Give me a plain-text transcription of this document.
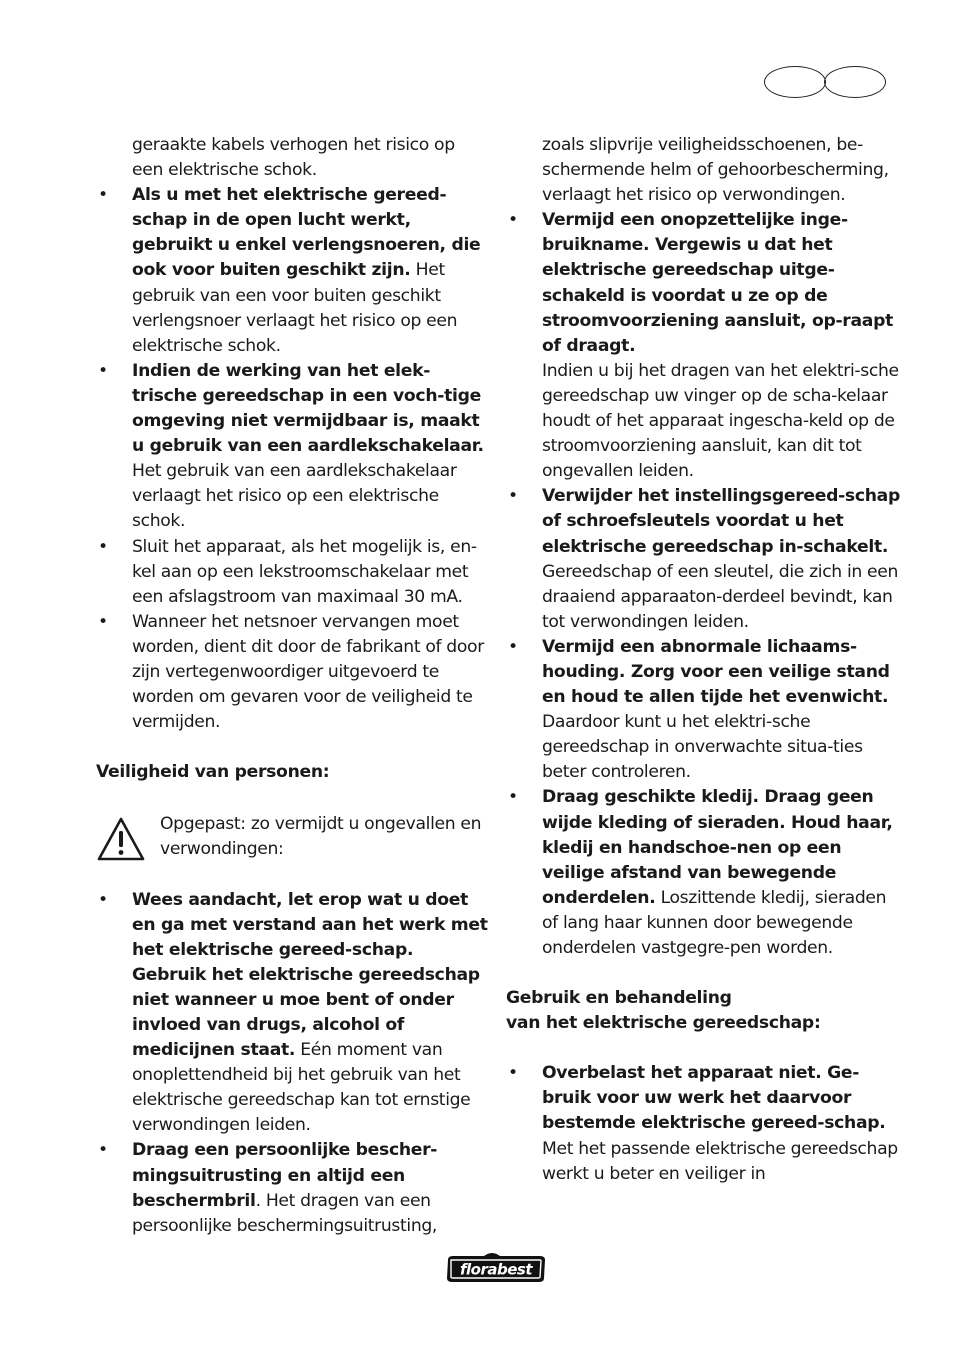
geraakte kabels verhogen het risico op een elektrische schok.
• Als u met het elektrische gereed-schap in de open lucht werkt, gebruikt u enkel verlengsnoeren, die ook voor buiten geschikt zijn. Het gebruik van een voor buiten geschikt verlengsnoer verlaagt het risico op een elektrische schok.
• Indien de werking van het elek-trische gereedschap in een voch-tige omgeving niet vermijdbaar is, maakt u gebruik van een aardlekschakelaar. Het gebruik van een aardlekschakelaar verlaagt het risico op een elektrische schok.
• Sluit het apparaat, als het mogelijk is, en-kel aan op een lekstroomschakelaar met een afslagstroom van maximaal 30 mA.
• Wanneer het netsnoer vervangen moet worden, dient dit door de fabrikant of door zijn vertegenwoordiger uitgevoerd te worden om gevaren voor de veiligheid te vermijden.
Veiligheid van personen:
Opgepast: zo vermijdt u ongevallen en verwondingen:
• Wees aandacht, let erop wat u doet en ga met verstand aan het werk met het elektrische gereed-schap. Gebruik het elektrische gereedschap niet wanneer u moe bent of onder invloed van drugs, alcohol of medicijnen staat. Eén moment van onoplettendheid bij het gebruik van het elektrische gereedschap kan tot ernstige verwondingen leiden.
• Draag een persoonlijke bescher-mingsuitrusting en altijd een beschermbril. Het dragen van een persoonlijke beschermingsuitrusting,
zoals slipvrije veiligheidsschoenen, be-schermende helm of gehoorbescherming, verlaagt het risico op verwondingen.
• Vermijd een onopzettelijke inge-bruikname. Vergewis u dat het elektrische gereedschap uitge-schakeld is voordat u ze op de stroomvoorziening aansluit, op-raapt of draagt.
Indien u bij het dragen van het elektri-sche gereedschap uw vinger op de scha-kelaar houdt of het apparaat ingescha-keld op de stroomvoorziening aansluit, kan dit tot ongevallen leiden.
• Verwijder het instellingsgereed-schap of schroefsleutels voordat u het elektrische gereedschap in-schakelt. Gereedschap of een sleutel, die zich in een draaiend apparaaton-derdeel bevindt, kan tot verwondingen leiden.
• Vermijd een abnormale lichaams-houding. Zorg voor een veilige stand en houd te allen tijde het evenwicht. Daardoor kunt u het elektri-sche gereedschap in onverwachte situa-ties beter controleren.
• Draag geschikte kledij. Draag geen wijde kleding of sieraden. Houd haar, kledij en handschoe-nen op een veilige afstand van bewegende onderdelen. Loszittende kledij, sieraden of lang haar kunnen door bewegende onderdelen vastgegre-pen worden.
Gebruik en behandeling
van het elektrische gereedschap:
• Overbelast het apparaat niet. Ge-bruik voor uw werk het daarvoor bestemde elektrische gereed-schap. Met het passende elektrische gereedschap werkt u beter en veiliger in
florabest
